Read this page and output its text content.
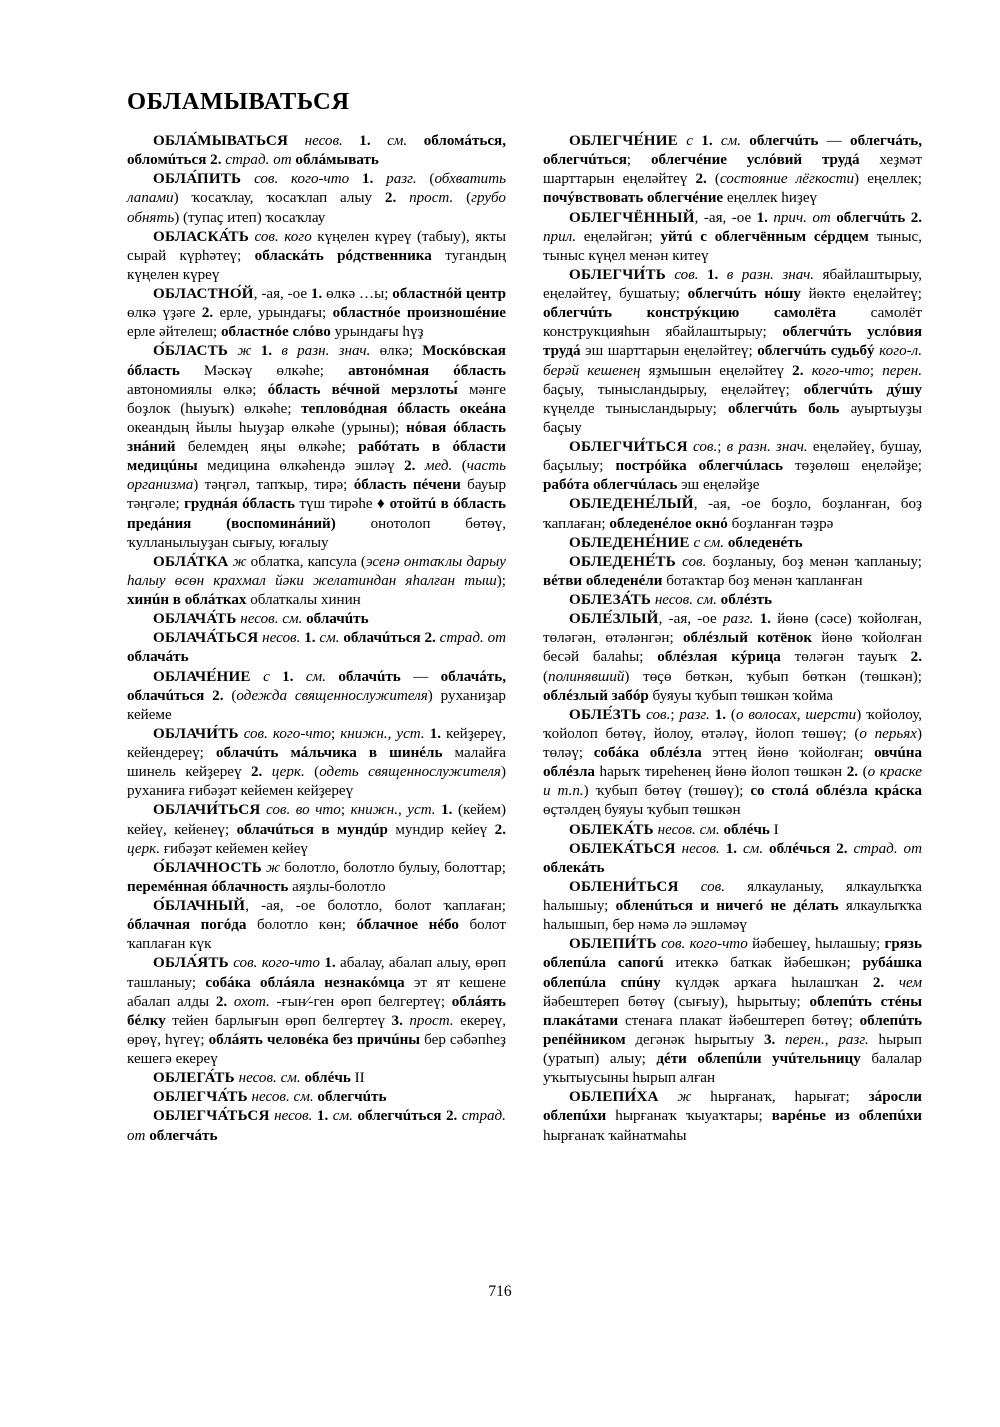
ОБЛАМЫВАТЬСЯ

ОБЛА́МЫВАТЬСЯ несов. 1. см. обломáться, обломúться 2. страд. от облáмывать

ОБЛА́ПИТЬ сов. кого-что 1. разг. (обхватить лапами) ҡосаҡлау, ҡосаҡлап алыу 2. прост. (грубо обнять) (тупаҫ итеп) ҡосаҡлау

ОБЛАСКА́ТЬ сов. кого күңелен күреү (табыу), якты сырай күрһәтеү; обласкáть рóдственника тугандың күңелен күреү

ОБЛАСТНО́Й, -ая, -ое 1. өлкә …ы; областнóй центр өлкә үҙәге 2. ерле, урындағы; областнóе произношéние ерле әйтелеш; областнóе слóво урындағы һүҙ

О́БЛАСТЬ ж 1. в разн. знач. өлкә; Москóвская óбласть Мәскәү өлкәһе; автонóмная óбласть автономиялы өлкә; óбласть вéчной мерзлоты́ мәнге боҙлок (һыуыҡ) өлкәһе; тепловóдная óбласть океáна океандың йылы һыуҙар өлкәһе (урыны); нóвая óбласть знáний белемдең яңы өлкәһе; рабóтать в óбласти медицúны медицина өлкәһендә эшләү 2. мед. (часть организма) тәңгәл, тапҡыр, тирә; óбласть пéчени бауыр тәңгәле; груднáя óбласть түш тирәһе ♦ отойтú в óбласть предáния (воспоминáний) онотолоп бөтөү, ҡулланылыуҙан сығыу, юғалыу

ОБЛА́ТКА ж облатка, капсула (эсенә онтаҡлы дарыу һалыу өсөн крахмал йәки желатиндан яһалған тыш); хинúн в облáтках облаткалы хинин

ОБЛАЧА́ТЬ несов. см. облачúть

ОБЛАЧА́ТЬСЯ несов. 1. см. облачúться 2. страд. от облачáть

ОБЛАЧЕ́НИЕ с 1. см. облачúть — облачáть, облачúться 2. (одежда священнослужителя) руханиҙар кейеме

ОБЛАЧИ́ТЬ сов. кого-что; книжн., уст. 1. кейҙереү, кейендереү; облачúть мáльчика в шинéль малайға шинель кейҙереү 2. церк. (одеть священнослужителя) руханиға ғибәҙәт кейемен кейҙереү

ОБЛАЧИ́ТЬСЯ сов. во что; книжн., уст. 1. (кейем) кейеү, кейенеү; облачúться в мундúр мундир кейеү 2. церк. ғибәҙәт кейемен кейеү

О́БЛАЧНОСТЬ ж болотло, болотло булыу, болоттар; перемéнная óблачность аяҙлы-болотло

О́БЛАЧНЫЙ, -ая, -ое болотло, болот ҡаплаған; óблачная погóда болотло көн; óблачное нéбо болот ҡаплаған күк

ОБЛА́ЯТЬ сов. кого-что 1. абалау, абалап алыу, өрөп ташланыу; собáка облáяла незнакóмца эт ят кешене абалап алды 2. охот. -ғын⁄-ген өрөп белгертеү; облáять бéлку тейен барлығын өрөп белгертеү 3. прост. екереү, өрөү, һүгеү; облáять человéка без причúны бер сәбәпһеҙ кешегә екереү

ОБЛЕГА́ТЬ несов. см. облéчь II

ОБЛЕГЧА́ТЬ несов. см. облегчúть

ОБЛЕГЧА́ТЬСЯ несов. 1. см. облегчúться 2. страд. от облегчáть

ОБЛЕГЧЕ́НИЕ с 1. см. облегчúть — облегчáть, облегчúться; облегчéние услóвий трудá хеҙмәт шарттарын еңеләйтеү 2. (состояние лёгкости) еңеллек; почýвствовать облегчéние еңеллек һиҙеү

ОБЛЕГЧЁННЫЙ, -ая, -ое 1. прич. от облегчúть 2. прил. еңеләйгән; уйтú с облегчённым сéрдцем тыныс, тыныс күңел менән китеү

ОБЛЕГЧИ́ТЬ сов. 1. в разн. знач. ябайлаштырыу, еңеләйтеү, бушатыу; облегчúть нóшу йөктө еңеләйтеү; облегчúть констрýкцию самолёта самолёт конструкцияһын ябайлаштырыу; облегчúть услóвия трудá эш шарттарын еңеләйтеү; облегчúть судьбý кого-л. берәй кешенең яҙмышын еңеләйтеү 2. кого-что; перен. баҫыу, тынысландырыу, еңеләйтеү; облегчúть дýшу күңелде тынысландырыу; облегчúть боль ауыртыуҙы баҫыу

ОБЛЕГЧИ́ТЬСЯ сов.; в разн. знач. еңеләйеү, бушау, баҫылыу; пострóйка облегчúлась төҙөлөш еңеләйҙе; рабóта облегчúлась эш еңеләйҙе

ОБЛЕДЕНЕ́ЛЫЙ, -ая, -ое боҙло, боҙланған, боҙ ҡаплаған; обледенéлое окнó боҙланған тәҙрә

ОБЛЕДЕНЕ́НИЕ с см. обледенéть

ОБЛЕДЕНЕ́ТЬ сов. боҙланыу, боҙ менән ҡапланыу; вéтви обледенéли ботаҡтар боҙ менән ҡапланған

ОБЛЕЗА́ТЬ несов. см. облéзть

ОБЛЕ́ЗЛЫЙ, -ая, -ое разг. 1. йөнө (сәсе) ҡойолған, төләгән, өтәләнгән; облéзлый котёнок йөнө ҡойолған бесәй балаһы; облéзлая кýрица төләгән тауыҡ 2. (полинявший) төҫө бөткән, ҡубып бөткән (төшкән); облéзлый забóр буяуы ҡубып төшкән ҡойма

ОБЛЕ́ЗТЬ сов.; разг. 1. (о волосах, шерсти) ҡойолоу, ҡойолоп бөтөү, йолоу, өтәләү, йолоп төшөү; (о перьях) төләү; собáка облéзла эттең йөнө ҡойолған; овчúна облéзла һарыҡ тиреһенең йөнө йолоп төшкән 2. (о краске и т.п.) ҡубып бөтөү (төшөү); со столá облéзла крáска өҫтәлдең буяуы ҡубып төшкән

ОБЛЕКА́ТЬ несов. см. облéчь I

ОБЛЕКА́ТЬСЯ несов. 1. см. облéчься 2. страд. от облекáть

ОБЛЕНИ́ТЬСЯ сов. ялкауланыу, ялкаулыҡҡа һалышыу; обленúться и ничегó не дéлать ялкаулыҡҡа һалышып, бер нәмә лә эшләмәү

ОБЛЕПИ́ТЬ сов. кого-что йәбешеү, һылашыу; грязь облепúла сапогú итеккә баткак йәбешкән; рубáшка облепúла спúну күлдәк арҡаға һылашҡан 2. чем йәбештереп бөтөү (сығыу), һырытыу; облепúть стéны плакáтами стенаға плакат йәбештереп бөтөү; облепúть репéйником дегәнәк һырытыу 3. перен., разг. һырып (уратып) алыу; дéти облепúли учúтельницу балалар уҡытыусыны һырып алған

ОБЛЕПИ́ХА ж һырғанаҡ, һарығат; зáросли облепúхи һырғанаҡ ҡыуаҡтары; варéнье из облепúхи һырғанаҡ ҡайнатмаһы

716
